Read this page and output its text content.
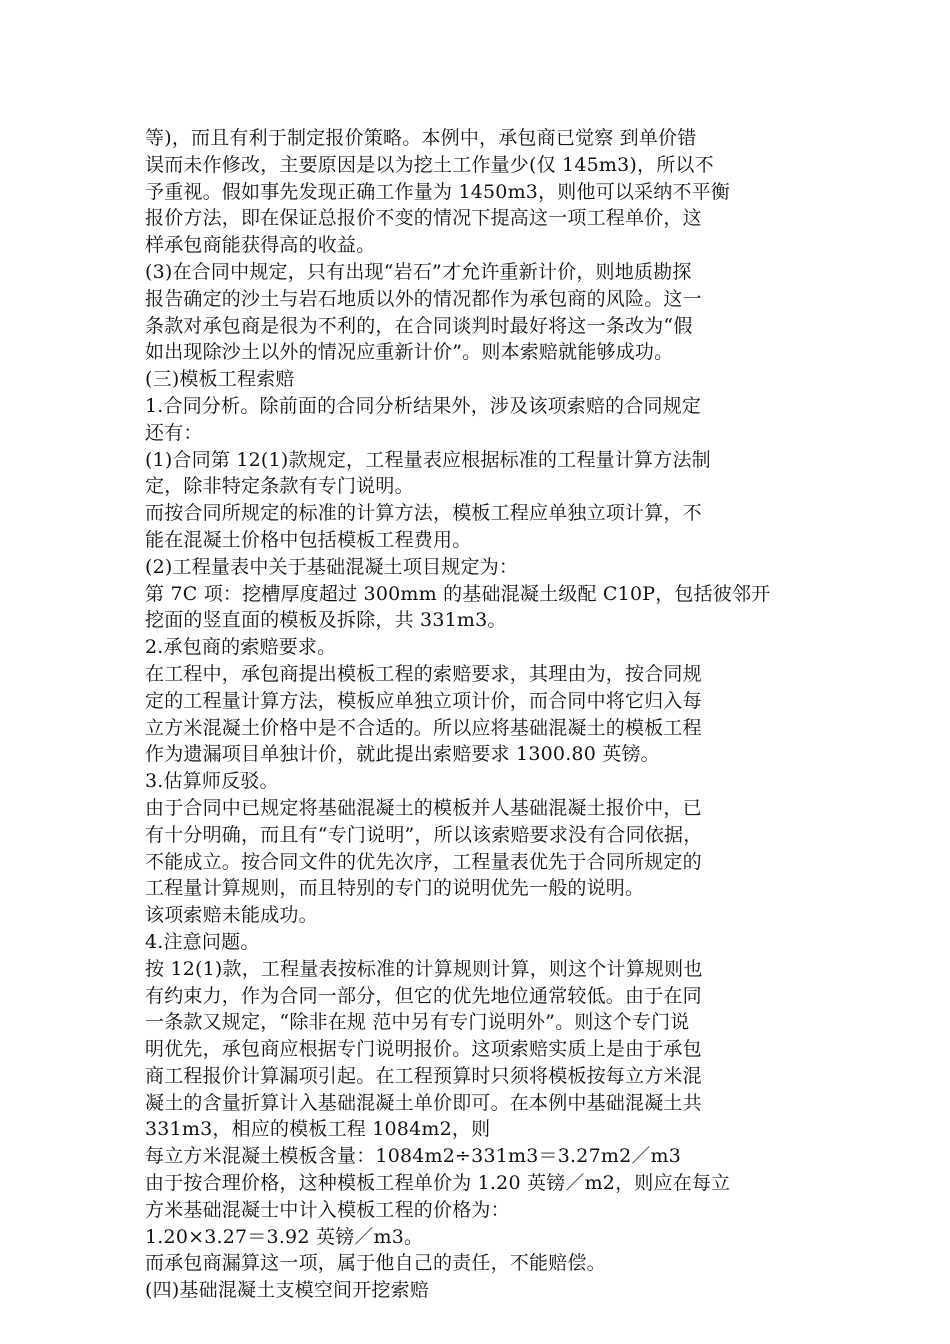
等)，而且有利于制定报价策略。本例中，承包商已觉察 到单价错
误而未作修改，主要原因是以为挖土工作量少(仅 145m3)，所以不
予重视。假如事先发现正确工作量为 1450m3，则他可以采纳不平衡
报价方法，即在保证总报价不变的情况下提高这一项工程单价，这
样承包商能获得高的收益。
(3)在合同中规定，只有出现“岩石”才允许重新计价，则地质勘探
报告确定的沙土与岩石地质以外的情况都作为承包商的风险。这一
条款对承包商是很为不利的，在合同谈判时最好将这一条改为“假
如出现除沙土以外的情况应重新计价”。则本索赔就能够成功。
(三)模板工程索赔
1.合同分析。除前面的合同分析结果外，涉及该项索赔的合同规定
还有：
(1)合同第 12(1)款规定，工程量表应根据标准的工程量计算方法制
定，除非特定条款有专门说明。
而按合同所规定的标准的计算方法，模板工程应单独立项计算，不
能在混凝土价格中包括模板工程费用。
(2)工程量表中关于基础混凝土项目规定为：
第 7C 项：挖槽厚度超过 300mm 的基础混凝土级配 C10P，包括彼邻开
挖面的竖直面的模板及拆除，共 331m3。
2.承包商的索赔要求。
在工程中，承包商提出模板工程的索赔要求，其理由为，按合同规
定的工程量计算方法，模板应单独立项计价，而合同中将它归入每
立方米混凝土价格中是不合适的。所以应将基础混凝土的模板工程
作为遗漏项目单独计价，就此提出索赔要求 1300.80 英镑。
3.估算师反驳。
由于合同中已规定将基础混凝土的模板并人基础混凝土报价中，已
有十分明确，而且有“专门说明”，所以该索赔要求没有合同依据，
不能成立。按合同文件的优先次序，工程量表优先于合同所规定的
工程量计算规则，而且特别的专门的说明优先一般的说明。
该项索赔未能成功。
4.注意问题。
按 12(1)款，工程量表按标准的计算规则计算，则这个计算规则也
有约束力，作为合同一部分，但它的优先地位通常较低。由于在同
一条款又规定，“除非在规 范中另有专门说明外”。则这个专门说
明优先，承包商应根据专门说明报价。这项索赔实质上是由于承包
商工程报价计算漏项引起。在工程预算时只须将模板按每立方米混
凝土的含量折算计入基础混凝土单价即可。在本例中基础混凝土共
331m3，相应的模板工程 1084m2，则
每立方米混凝土模板含量：1084m2÷331m3＝3.27m2／m3
由于按合理价格，这种模板工程单价为 1.20 英镑／m2，则应在每立
方米基础混凝士中计入模板工程的价格为：
1.20×3.27＝3.92 英镑／m3。
而承包商漏算这一项，属于他自己的责任，不能赔偿。
(四)基础混凝土支模空间开挖索赔
